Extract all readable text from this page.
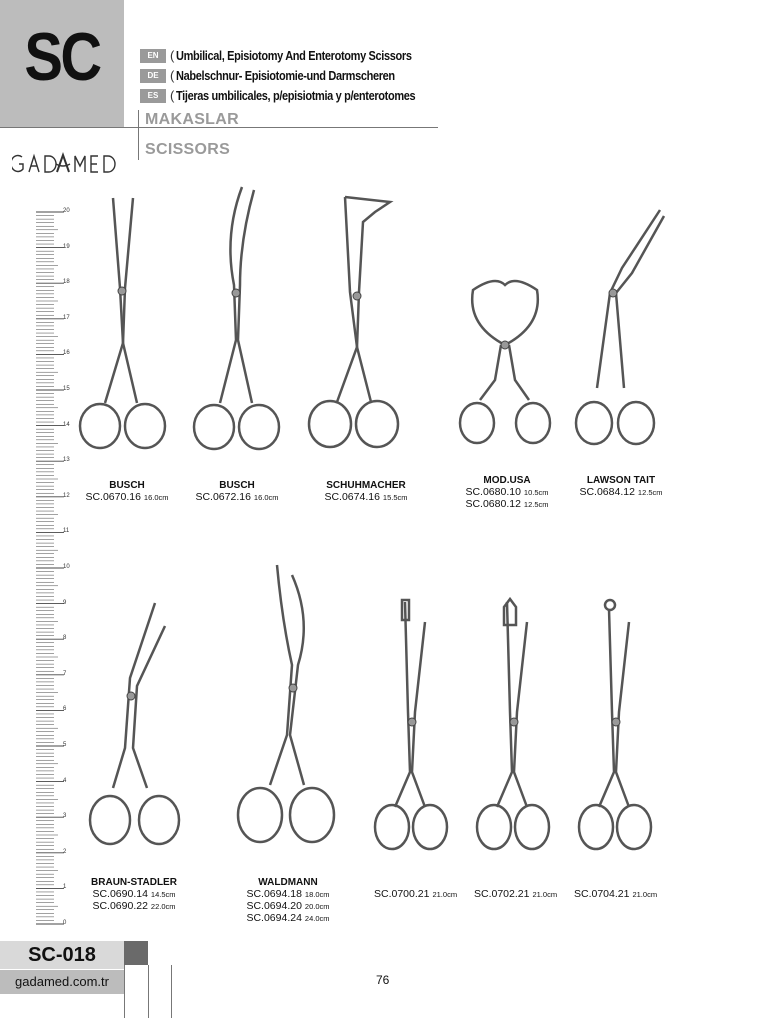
SC	EN ( Umbilical, Episiotomy And Enterotomy Scissors
DE ( Nabelschnur- Episiotomie-und Darmscheren
ES ( Tijeras umbilicales, p/episiotmia y p/enterotomes
MAKASLAR
SCISSORS
20
19
18
17
16
15
14
13
12
11
10
9
8
7
6
5
4
3
2
1
0
BUSCH
SC.0670.16 16.0cm
BUSCH
SC.0672.16 16.0cm
SCHUHMACHER
SC.0674.16 15.5cm
MOD.USA
SC.0680.10 10.5cm
SC.0680.12 12.5cm
LAWSON TAIT
SC.0684.12 12.5cm
BRAUN-STADLER
SC.0690.14 14.5cm
SC.0690.22 22.0cm
WALDMANN
SC.0694.18 18.0cm
SC.0694.20 20.0cm
SC.0694.24 24.0cm
SC.0700.21 21.0cm SC.0702.21 21.0cm SC.0704.21 21.0cm
SC-018
gadamed.com.tr	76
